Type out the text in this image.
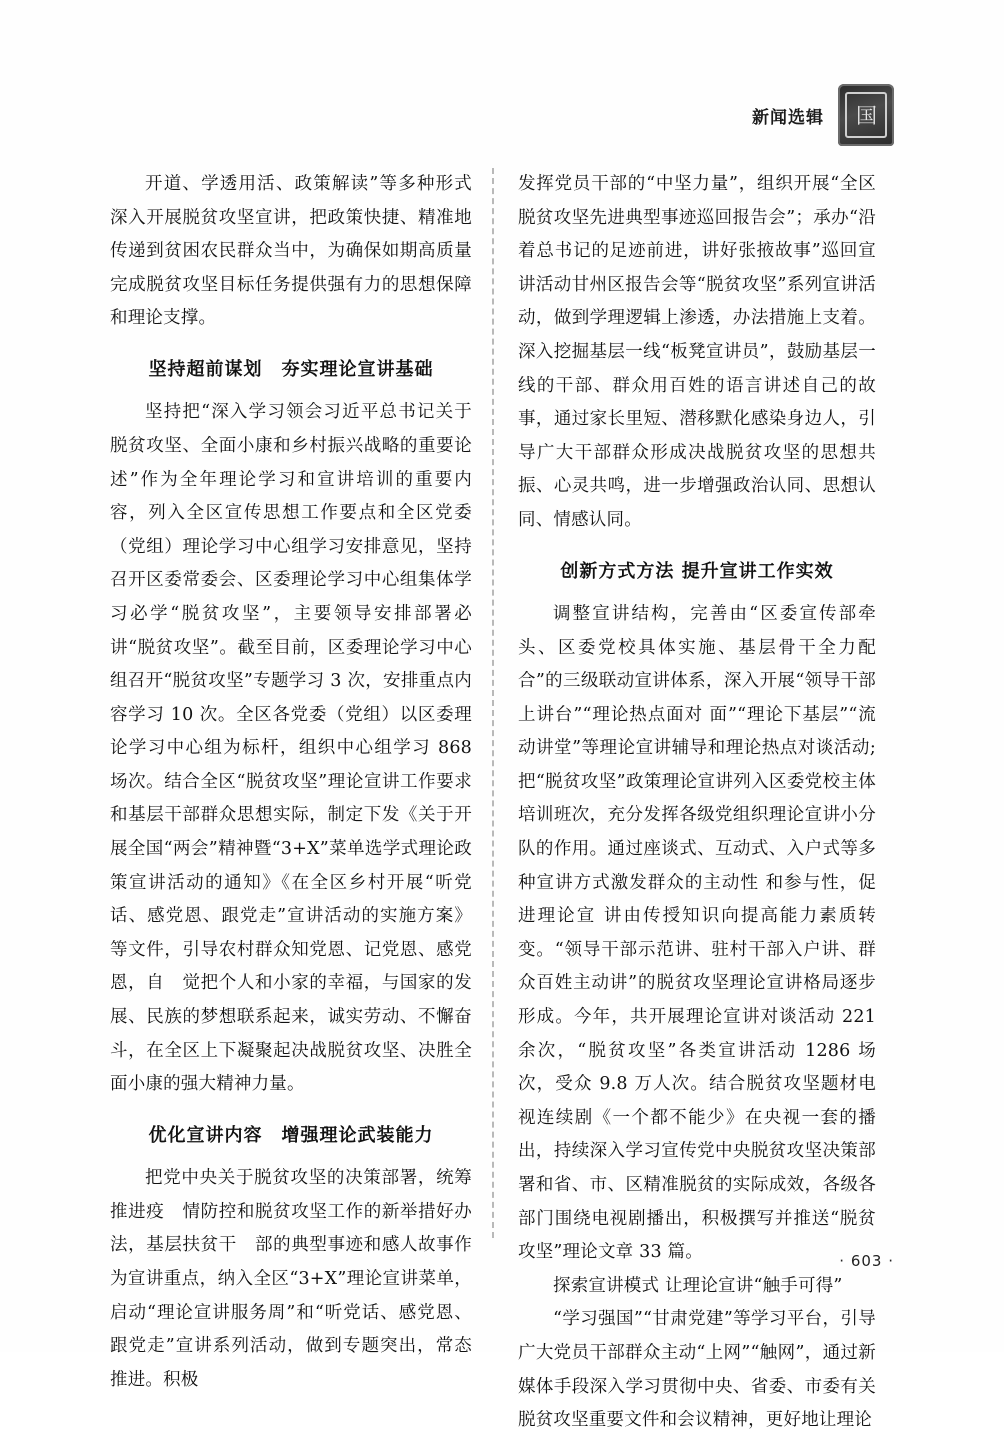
新闻选辑	国

开道、学透用活、政策解读”等多种形式深入开展脱贫攻坚宣讲，把政策快捷、精准地传递到贫困农民群众当中，为确保如期高质量完成脱贫攻坚目标任务提供强有力的思想保障和理论支撑。

坚持超前谋划　夯实理论宣讲基础

坚持把“深入学习领会习近平总书记关于脱贫攻坚、全面小康和乡村振兴战略的重要论述”作为全年理论学习和宣讲培训的重要内容，列入全区宣传思想工作要点和全区党委（党组）理论学习中心组学习安排意见，坚持召开区委常委会、区委理论学习中心组集体学习必学“脱贫攻坚”，主要领导安排部署必讲“脱贫攻坚”。截至目前，区委理论学习中心组召开“脱贫攻坚”专题学习 3 次，安排重点内容学习 10 次。全区各党委（党组）以区委理论学习中心组为标杆，组织中心组学习 868 场次。结合全区“脱贫攻坚”理论宣讲工作要求和基层干部群众思想实际，制定下发《关于开展全国“两会”精神暨“3+X”菜单选学式理论政策宣讲活动的通知》《在全区乡村开展“听党话、感党恩、跟党走”宣讲活动的实施方案》等文件，引导农村群众知党恩、记党恩、感党恩，自　觉把个人和小家的幸福，与国家的发展、民族的梦想联系起来，诚实劳动、不懈奋斗，在全区上下凝聚起决战脱贫攻坚、决胜全面小康的强大精神力量。

优化宣讲内容　增强理论武装能力

把党中央关于脱贫攻坚的决策部署，统筹推进疫　情防控和脱贫攻坚工作的新举措好办法，基层扶贫干　部的典型事迹和感人故事作为宣讲重点，纳入全区“3+X”理论宣讲菜单，启动“理论宣讲服务周”和“听党话、感党恩、跟党走”宣讲系列活动，做到专题突出，常态推进。积极

发挥党员干部的“中坚力量”，组织开展“全区脱贫攻坚先进典型事迹巡回报告会”；承办“沿着总书记的足迹前进，讲好张掖故事”巡回宣讲活动甘州区报告会等“脱贫攻坚”系列宣讲活动，做到学理逻辑上渗透，办法措施上支着。深入挖掘基层一线“板凳宣讲员”，鼓励基层一线的干部、群众用百姓的语言讲述自己的故事，通过家长里短、潜移默化感染身边人，引导广大干部群众形成决战脱贫攻坚的思想共振、心灵共鸣，进一步增强政治认同、思想认同、情感认同。

创新方式方法 提升宣讲工作实效

调整宣讲结构，完善由“区委宣传部牵头、区委党校具体实施、基层骨干全力配合”的三级联动宣讲体系，深入开展“领导干部上讲台”“理论热点面对 面”“理论下基层”“流动讲堂”等理论宣讲辅导和理论热点对谈活动; 把“脱贫攻坚”政策理论宣讲列入区委党校主体培训班次，充分发挥各级党组织理论宣讲小分队的作用。通过座谈式、互动式、入户式等多种宣讲方式激发群众的主动性 和参与性，促进理论宣 讲由传授知识向提高能力素质转变。“领导干部示范讲、驻村干部入户讲、群众百姓主动讲”的脱贫攻坚理论宣讲格局逐步形成。今年，共开展理论宣讲对谈活动 221 余次，“脱贫攻坚”各类宣讲活动 1286 场次，受众 9.8 万人次。结合脱贫攻坚题材电视连续剧《一个都不能少》在央视一套的播出，持续深入学习宣传党中央脱贫攻坚决策部署和省、市、区精准脱贫的实际成效，各级各部门围绕电视剧播出，积极撰写并推送“脱贫攻坚”理论文章 33 篇。

探索宣讲模式 让理论宣讲“触手可得”

“学习强国”“甘肃党建”等学习平台，引导广大党员干部群众主动“上网”“触网”，通过新媒体手段深入学习贯彻中央、省委、市委有关脱贫攻坚重要文件和会议精神，更好地让理论

· 603 ·
